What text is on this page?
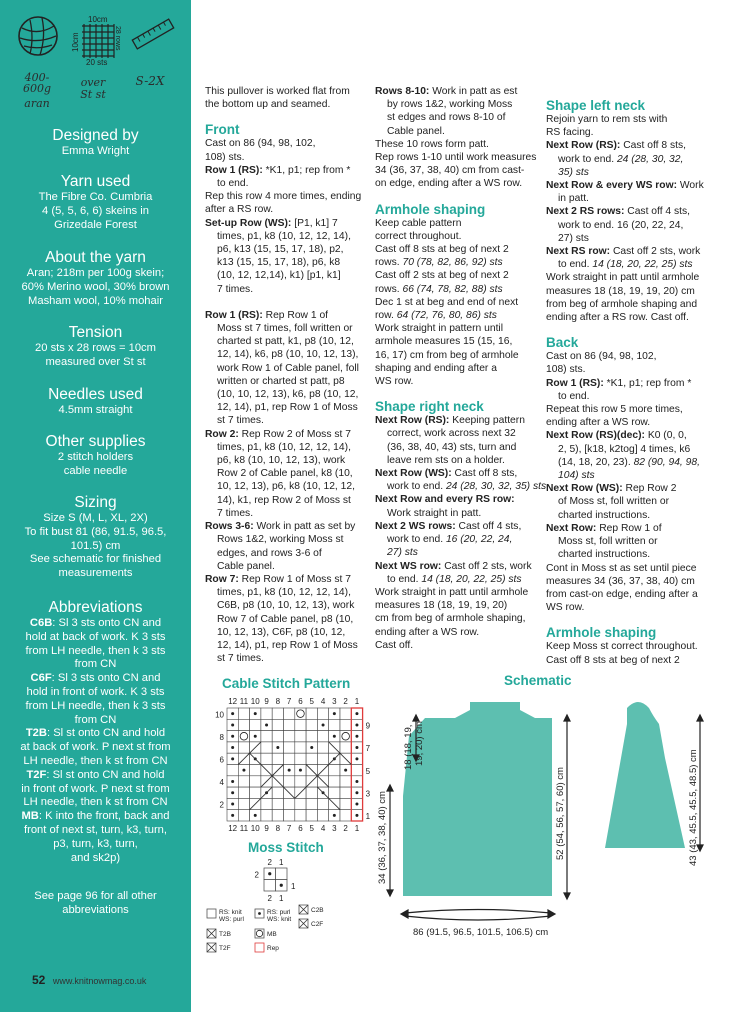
400-600g
aran
10cm
10cm	28 rows
20 sts
over
St st
S-2X
Designed by
Emma Wright
Yarn used
The Fibre Co. Cumbria
4 (5, 5, 6, 6) skeins in
Grizedale Forest
About the yarn
Aran; 218m per 100g skein;
60% Merino wool, 30% brown
Masham wool, 10% mohair
Tension
20 sts x 28 rows = 10cm
measured over St st
Needles used
4.5mm straight
Other supplies
2 stitch holders
cable needle
Sizing
Size S (M, L, XL, 2X)
To fit bust 81 (86, 91.5, 96.5,
101.5) cm
See schematic for finished
measurements
Abbreviations
C6B: Sl 3 sts onto CN and
hold at back of work. K 3 sts
from LH needle, then k 3 sts
from CN
C6F: Sl 3 sts onto CN and
hold in front of work. K 3 sts
from LH needle, then k 3 sts
from CN
T2B: Sl st onto CN and hold
at back of work. P next st from
LH needle, then k st from CN
T2F: Sl st onto CN and hold
in front of work. P next st from
LH needle, then k st from CN
MB: K into the front, back and
front of next st, turn, k3, turn,
p3, turn, k3, turn,
and sk2p)
See page 96 for all other
abbreviations

This pullover is worked flat from

the bottom up and seamed.

Front

Cast on 86 (94, 98, 102,

108) sts.

Row 1 (RS): *K1, p1; rep from *

to end.

Rep this row 4 more times, ending

after a RS row.

Set-up Row (WS): [P1, k1] 7

times, p1, k8 (10, 12, 12, 14),

p6, k13 (15, 15, 17, 18), p2,

k13 (15, 15, 17, 18), p6, k8

(10, 12, 12,14), k1) [p1, k1]

7 times.

Row 1 (RS): Rep Row 1 of

Moss st 7 times, foll written or

charted st patt, k1, p8 (10, 12,

12, 14), k6, p8 (10, 10, 12, 13),

work Row 1 of Cable panel, foll

written or charted st patt, p8

(10, 10, 12, 13), k6, p8 (10, 12,

12, 14), p1, rep Row 1 of Moss

st 7 times.

Row 2: Rep Row 2 of Moss st 7

times, p1, k8 (10, 12, 12, 14),

p6, k8 (10, 10, 12, 13), work

Row 2 of Cable panel, k8 (10,

10, 12, 13), p6, k8 (10, 12, 12,

14), k1, rep Row 2 of Moss st

7 times.

Rows 3-6: Work in patt as set by

Rows 1&2, working Moss st

edges, and rows 3-6 of

Cable panel.

Row 7: Rep Row 1 of Moss st 7

times, p1, k8 (10, 12, 12, 14),

C6B, p8 (10, 10, 12, 13), work

Row 7 of Cable panel, p8 (10,

10, 12, 13), C6F, p8 (10, 12,

12, 14), p1, rep Row 1 of Moss

st 7 times.

Rows 8-10: Work in patt as est

by rows 1&2, working Moss

st edges and rows 8-10 of

Cable panel.

These 10 rows form patt.

Rep rows 1-10 until work measures

34 (36, 37, 38, 40) cm from cast-

on edge, ending after a WS row.

Armhole shaping

Keep cable pattern

correct throughout.

Cast off 8 sts at beg of next 2

rows. 70 (78, 82, 86, 92) sts

Cast off 2 sts at beg of next 2

rows. 66 (74, 78, 82, 88) sts

Dec 1 st at beg and end of next

row. 64 (72, 76, 80, 86) sts

Work straight in pattern until

armhole measures 15 (15, 16,

16, 17) cm from beg of armhole

shaping and ending after a

WS row.

Shape right neck

Next Row (RS): Keeping pattern

correct, work across next 32

(36, 38, 40, 43) sts, turn and

leave rem sts on a holder.

Next Row (WS): Cast off 8 sts,

work to end. 24 (28, 30, 32, 35) sts

Next Row and every RS row:

Work straight in patt.

Next 2 WS rows: Cast off 4 sts,

work to end. 16 (20, 22, 24,

27) sts

Next WS row: Cast off 2 sts, work

to end. 14 (18, 20, 22, 25) sts

Work straight in patt until armhole

measures 18 (18, 19, 19, 20)

cm from beg of armhole shaping,

ending after a WS row.

Cast off.

Shape left neck

Rejoin yarn to rem sts with

RS facing.

Next Row (RS): Cast off 8 sts,

work to end. 24 (28, 30, 32,

35) sts

Next Row & every WS row: Work

in patt.

Next 2 RS rows: Cast off 4 sts,

work to end. 16 (20, 22, 24,

27) sts

Next RS row: Cast off 2 sts, work

to end. 14 (18, 20, 22, 25) sts

Work straight in patt until armhole

measures 18 (18, 19, 19, 20) cm

from beg of armhole shaping and

ending after a RS row. Cast off.

Back

Cast on 86 (94, 98, 102,

108) sts.

Row 1 (RS): *K1, p1; rep from *

to end.

Repeat this row 5 more times,

ending after a WS row.

Next Row (RS)(dec): K0 (0, 0,

2, 5), [k18, k2tog] 4 times, k6

(14, 18, 20, 23). 82 (90, 94, 98,

104) sts

Next Row (WS): Rep Row 2

of Moss st, foll written or

charted instructions.

Next Row: Rep Row 1 of

Moss st, foll written or

charted instructions.

Cont in Moss st as set until piece

measures 34 (36, 37, 38, 40) cm

from cast-on edge, ending after a

WS row.

Armhole shaping

Keep Moss st correct throughout.

Cast off 8 sts at beg of next 2

Cable Stitch Pattern	Schematic
Moss Stitch
12
12
11
11
10
10
9
9
8
8
7
7
6
6
5
5
4
4
3
3
2
2
1
1
10
8
6
4
2
9
7
5
3
1
2
2
1
1
2
1
RS: knit
WS: purl
RS: purl
WS: knit
C2B
C2F
T2B	MB
T2F	Rep
18 (18, 19, 19, 20) cm
34 (36, 37, 38, 40) cm	52 (54, 56, 57, 60) cm	43 (43, 45.5, 45.5, 48.5) cm
86 (91.5, 96.5, 101.5, 106.5) cm
52 www.knitnowmag.co.uk
